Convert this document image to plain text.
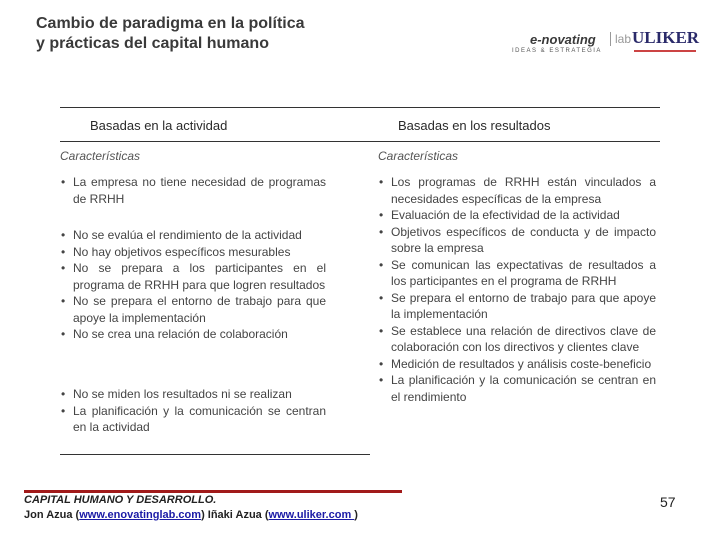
Cambio de paradigma en la política
y prácticas del capital humano	e-novating	lab
IDEAS & ESTRATEGIA
ULIKER
Basadas en la actividad	Basadas en los resultados
Características	Características
• La empresa no tiene necesidad de programas de RRHH
• No se evalúa el rendimiento de la actividad
• No hay objetivos específicos mesurables
• No se prepara a los participantes en el programa de RRHH para que logren resultados
• No se prepara el entorno de trabajo para que apoye la implementación
• No se crea una relación de colaboración
• No se miden los resultados ni se realizan
• La planificación y la comunicación se centran en la actividad
• Los programas de RRHH están vinculados a necesidades específicas de la empresa
• Evaluación de la efectividad de la actividad
• Objetivos específicos de conducta y de impacto sobre la empresa
• Se comunican las expectativas de resultados a los participantes en el programa de RRHH
• Se prepara el entorno de trabajo para que apoye la implementación
• Se establece una relación de directivos clave de colaboración con los directivos y clientes clave
• Medición de resultados y análisis coste-beneficio
• La planificación y la comunicación se centran en el rendimiento
CAPITAL HUMANO Y DESARROLLO.
Jon Azua (www.enovatinglab.com) Iñaki Azua (www.uliker.com )
57
